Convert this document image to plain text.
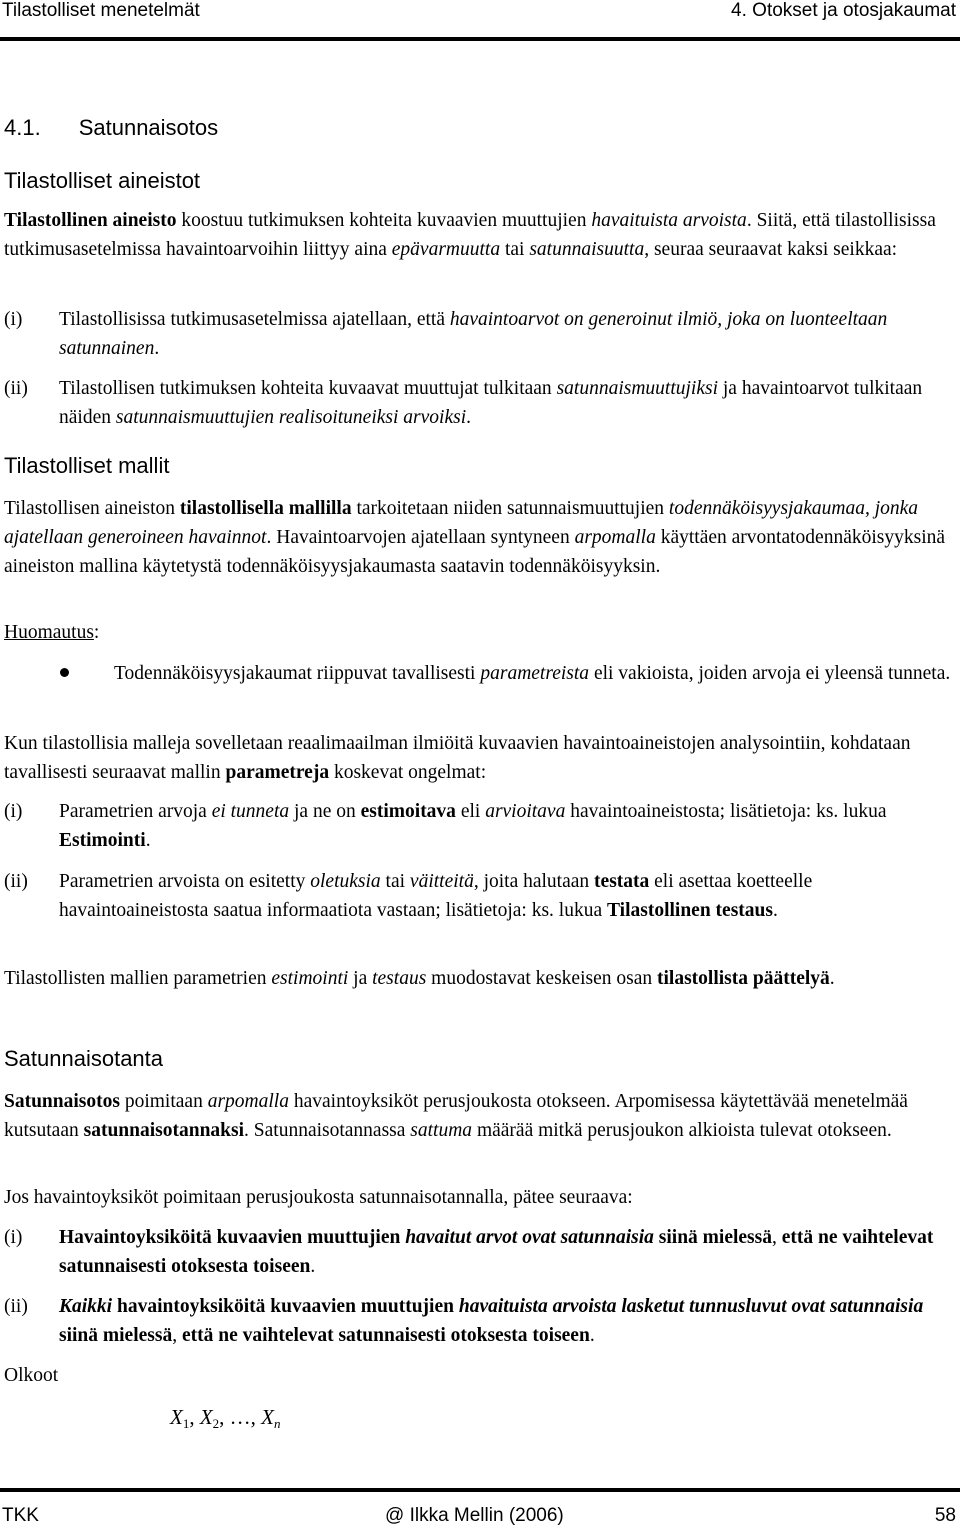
Tilastolliset menetelmät	4. Otokset ja otosjakaumat
4.1. Satunnaisotos
Tilastolliset aineistot

Tilastollinen aineisto koostuu tutkimuksen kohteita kuvaavien muuttujien havaituista arvoista. Siitä, että tilastollisissa tutkimusasetelmissa havaintoarvoihin liittyy aina epävarmuutta tai satunnaisuutta, seuraa seuraavat kaksi seikkaa:

(i) Tilastollisissa tutkimusasetelmissa ajatellaan, että havaintoarvot on generoinut ilmiö, joka on luonteeltaan satunnainen.

(ii) Tilastollisen tutkimuksen kohteita kuvaavat muuttujat tulkitaan satunnaismuuttujiksi ja havaintoarvot tulkitaan näiden satunnaismuuttujien realisoituneiksi arvoiksi.

Tilastolliset mallit

Tilastollisen aineiston tilastollisella mallilla tarkoitetaan niiden satunnaismuuttujien todennäköisyysjakaumaa, jonka ajatellaan generoineen havainnot. Havaintoarvojen ajatellaan syntyneen arpomalla käyttäen arvontatodennäköisyyksinä aineiston mallina käytetystä todennäköisyysjakaumasta saatavin todennäköisyyksin.

Huomautus:

Todennäköisyysjakaumat riippuvat tavallisesti parametreista eli vakioista, joiden arvoja ei yleensä tunneta.

Kun tilastollisia malleja sovelletaan reaalimaailman ilmiöitä kuvaavien havaintoaineistojen analysointiin, kohdataan tavallisesti seuraavat mallin parametreja koskevat ongelmat:

(i) Parametrien arvoja ei tunneta ja ne on estimoitava eli arvioitava havaintoaineistosta; lisätietoja: ks. lukua Estimointi.

(ii) Parametrien arvoista on esitetty oletuksia tai väitteitä, joita halutaan testata eli asettaa koetteelle havaintoaineistosta saatua informaatiota vastaan; lisätietoja: ks. lukua Tilastollinen testaus.

Tilastollisten mallien parametrien estimointi ja testaus muodostavat keskeisen osan tilastollista päättelyä.

Satunnaisotanta

Satunnaisotos poimitaan arpomalla havaintoyksiköt perusjoukosta otokseen. Arpomisessa käytettävää menetelmää kutsutaan satunnaisotannaksi. Satunnaisotannassa sattuma määrää mitkä perusjoukon alkioista tulevat otokseen.

Jos havaintoyksiköt poimitaan perusjoukosta satunnaisotannalla, pätee seuraava:

(i) Havaintoyksiköitä kuvaavien muuttujien havaitut arvot ovat satunnaisia siinä mielessä, että ne vaihtelevat satunnaisesti otoksesta toiseen.

(ii) Kaikki havaintoyksiköitä kuvaavien muuttujien havaituista arvoista lasketut tunnusluvut ovat satunnaisia siinä mielessä, että ne vaihtelevat satunnaisesti otoksesta toiseen.

Olkoot

$X_1$, $X_2$, …, $X_n$
TKK	@ Ilkka Mellin (2006)	58
